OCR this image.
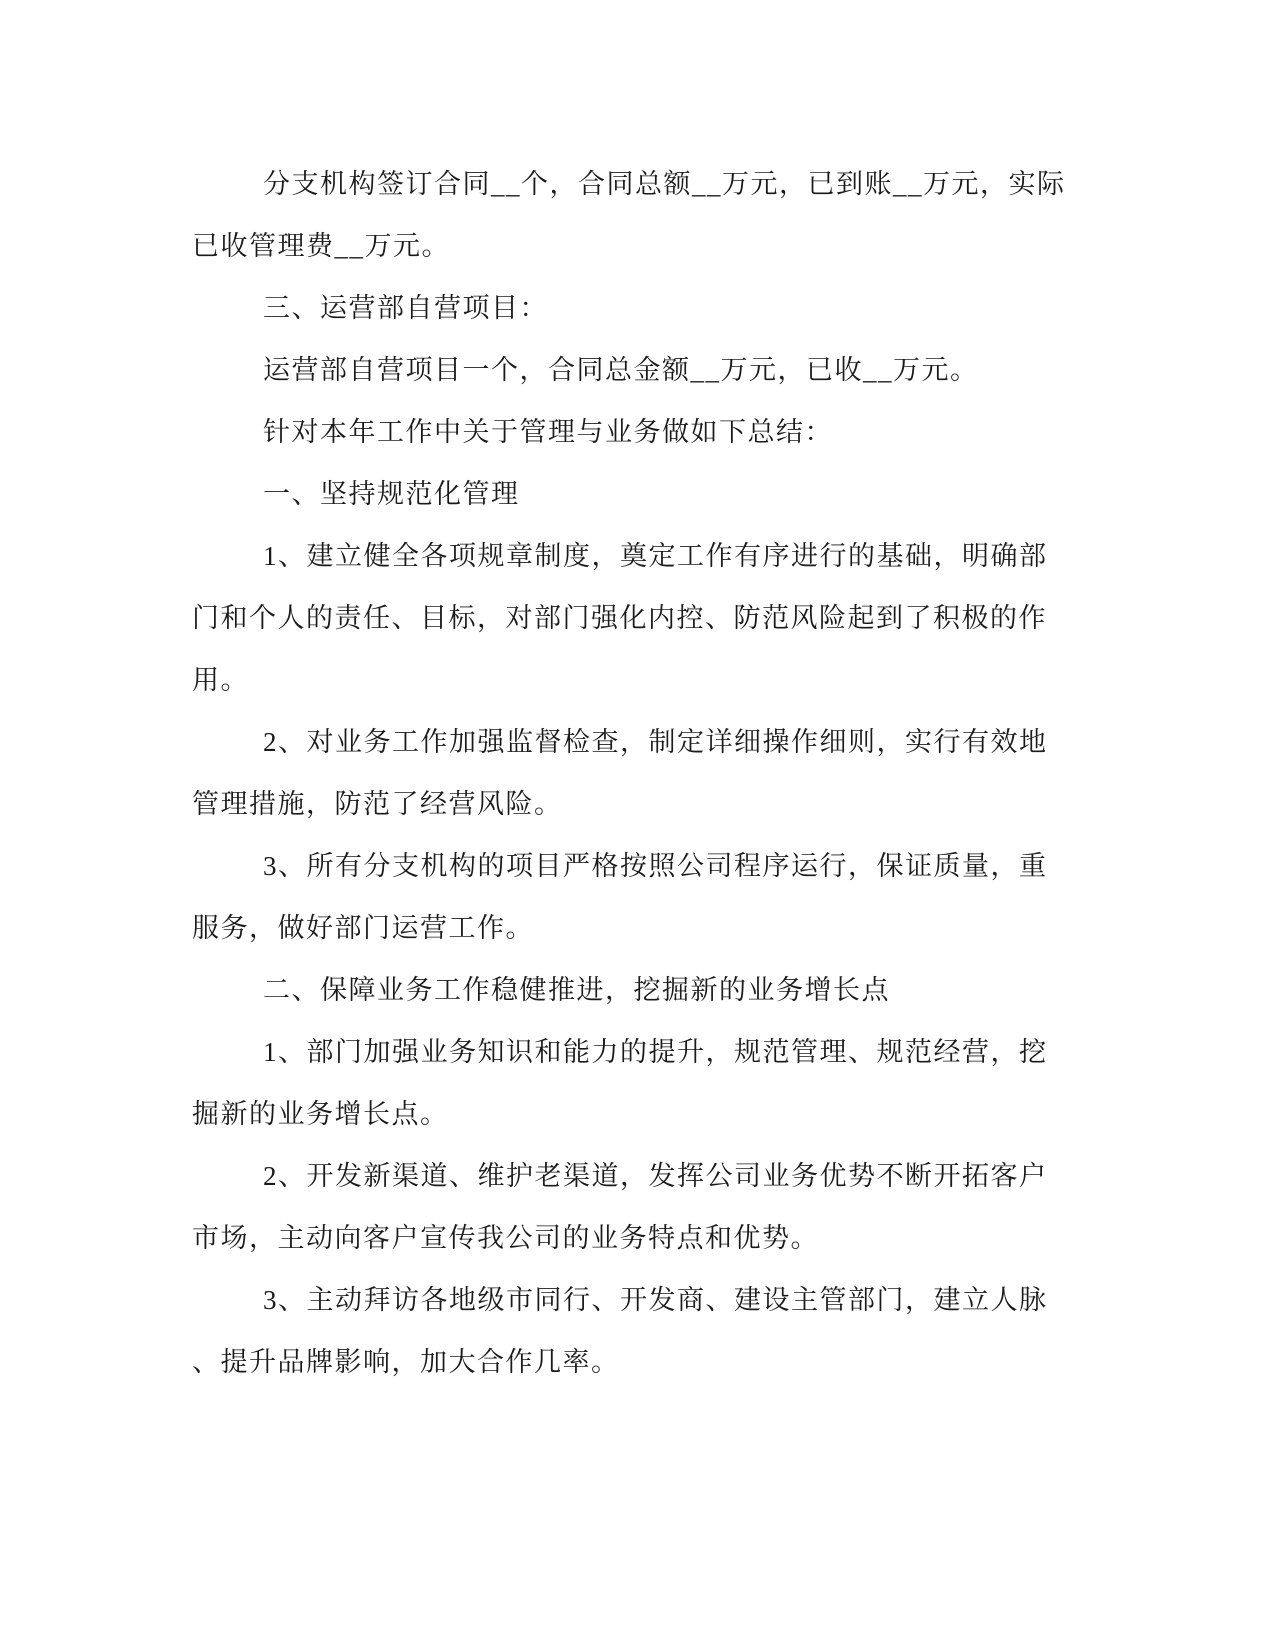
分支机构签订合同__个，合同总额__万元，已到账__万元，实际
已收管理费__万元。
三、运营部自营项目：
运营部自营项目一个，合同总金额__万元，已收__万元。
针对本年工作中关于管理与业务做如下总结：
一、坚持规范化管理
1、建立健全各项规章制度，奠定工作有序进行的基础，明确部
门和个人的责任、目标，对部门强化内控、防范风险起到了积极的作
用。
2、对业务工作加强监督检查，制定详细操作细则，实行有效地
管理措施，防范了经营风险。
3、所有分支机构的项目严格按照公司程序运行，保证质量，重
服务，做好部门运营工作。
二、保障业务工作稳健推进，挖掘新的业务增长点
1、部门加强业务知识和能力的提升，规范管理、规范经营，挖
掘新的业务增长点。
2、开发新渠道、维护老渠道，发挥公司业务优势不断开拓客户
市场，主动向客户宣传我公司的业务特点和优势。
3、主动拜访各地级市同行、开发商、建设主管部门，建立人脉
、提升品牌影响，加大合作几率。
